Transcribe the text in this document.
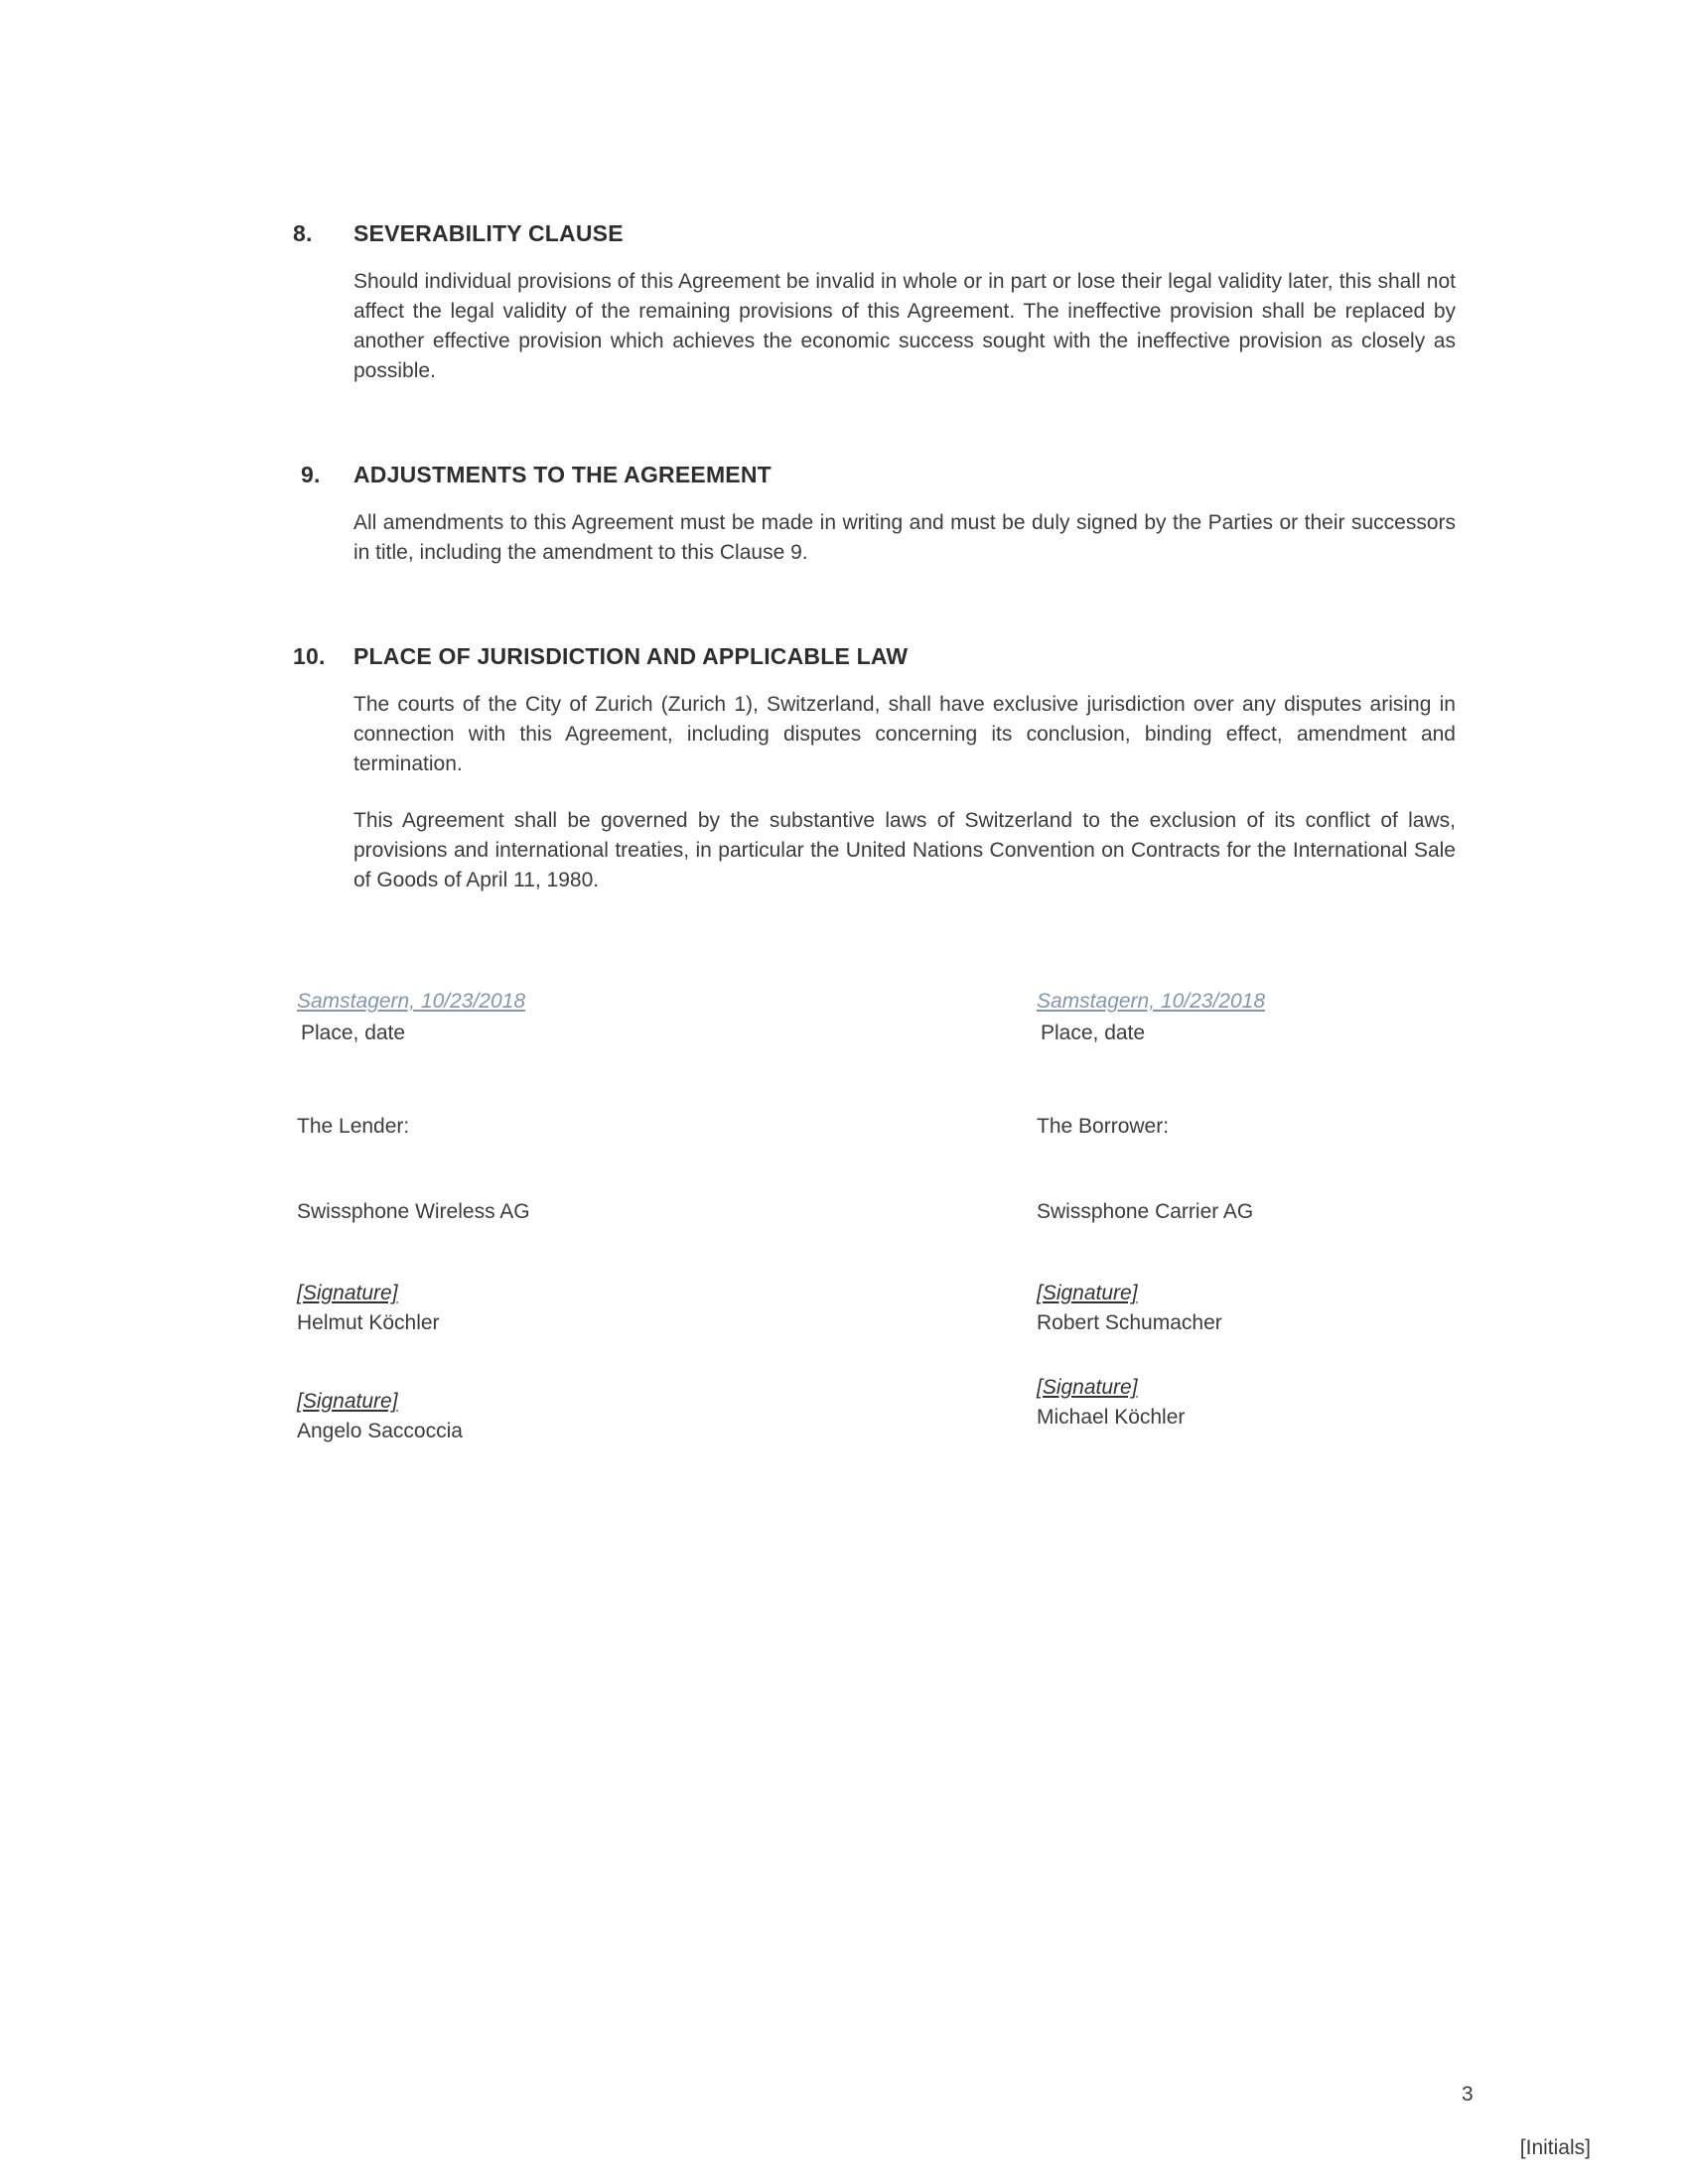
8.	SEVERABILITY CLAUSE

Should individual provisions of this Agreement be invalid in whole or in part or lose their legal validity later, this shall not affect the legal validity of the remaining provisions of this Agreement. The ineffective provision shall be replaced by another effective provision which achieves the economic success sought with the ineffective provision as closely as possible.

9.	ADJUSTMENTS TO THE AGREEMENT

All amendments to this Agreement must be made in writing and must be duly signed by the Parties or their successors in title, including the amendment to this Clause 9.

10.	PLACE OF JURISDICTION AND APPLICABLE LAW

The courts of the City of Zurich (Zurich 1), Switzerland, shall have exclusive jurisdiction over any disputes arising in connection with this Agreement, including disputes concerning its conclusion, binding effect, amendment and termination.

This Agreement shall be governed by the substantive laws of Switzerland to the exclusion of its conflict of laws, provisions and international treaties, in particular the United Nations Convention on Contracts for the International Sale of Goods of April 11, 1980.

Samstagern, 10/23/2018
Place, date
The Lender:
Swissphone Wireless AG
[Signature]
Helmut Köchler
[Signature]
Angelo Saccoccia
Samstagern, 10/23/2018
Place, date
The Borrower:
Swissphone Carrier AG
[Signature]
Robert Schumacher
[Signature]
Michael Köchler
3
[Initials]
